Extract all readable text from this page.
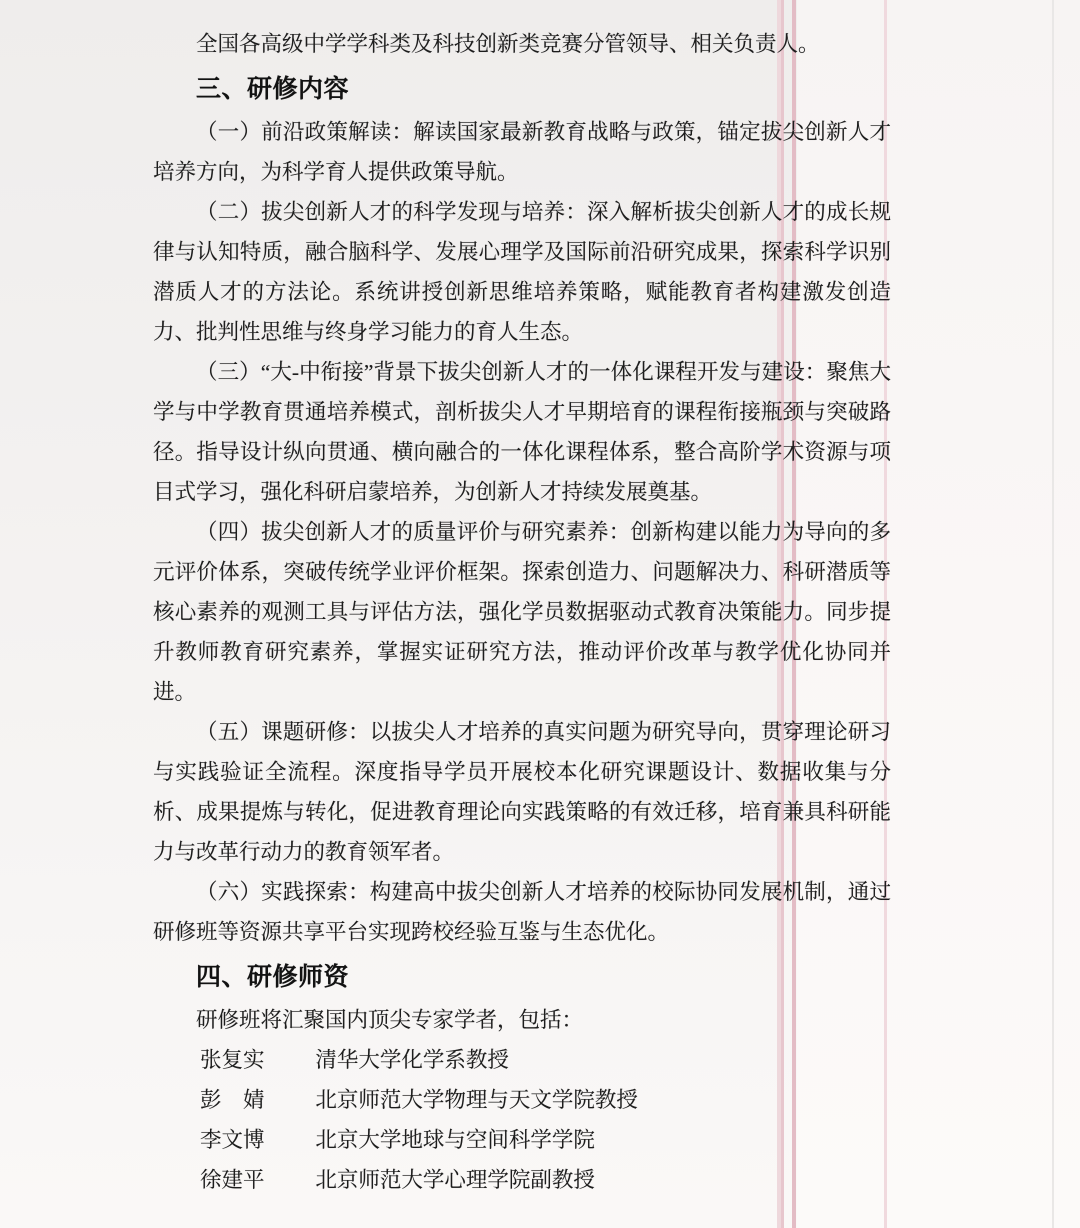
全国各高级中学学科类及科技创新类竞赛分管领导、相关负责人。

三、研修内容

（一）前沿政策解读：解读国家最新教育战略与政策，锚定拔尖创新人才培养方向，为科学育人提供政策导航。

（二）拔尖创新人才的科学发现与培养：深入解析拔尖创新人才的成长规律与认知特质，融合脑科学、发展心理学及国际前沿研究成果，探索科学识别潜质人才的方法论。系统讲授创新思维培养策略，赋能教育者构建激发创造力、批判性思维与终身学习能力的育人生态。

（三）“大-中衔接”背景下拔尖创新人才的一体化课程开发与建设：聚焦大学与中学教育贯通培养模式，剖析拔尖人才早期培育的课程衔接瓶颈与突破路径。指导设计纵向贯通、横向融合的一体化课程体系，整合高阶学术资源与项目式学习，强化科研启蒙培养，为创新人才持续发展奠基。

（四）拔尖创新人才的质量评价与研究素养：创新构建以能力为导向的多元评价体系，突破传统学业评价框架。探索创造力、问题解决力、科研潜质等核心素养的观测工具与评估方法，强化学员数据驱动式教育决策能力。同步提升教师教育研究素养，掌握实证研究方法，推动评价改革与教学优化协同并进。

（五）课题研修：以拔尖人才培养的真实问题为研究导向，贯穿理论研习与实践验证全流程。深度指导学员开展校本化研究课题设计、数据收集与分析、成果提炼与转化，促进教育理论向实践策略的有效迁移，培育兼具科研能力与改革行动力的教育领军者。

（六）实践探索：构建高中拔尖创新人才培养的校际协同发展机制，通过研修班等资源共享平台实现跨校经验互鉴与生态优化。

四、研修师资

研修班将汇聚国内顶尖专家学者，包括：

张复实 清华大学化学系教授
彭　婧 北京师范大学物理与天文学院教授
李文博 北京大学地球与空间科学学院
徐建平 北京师范大学心理学院副教授
